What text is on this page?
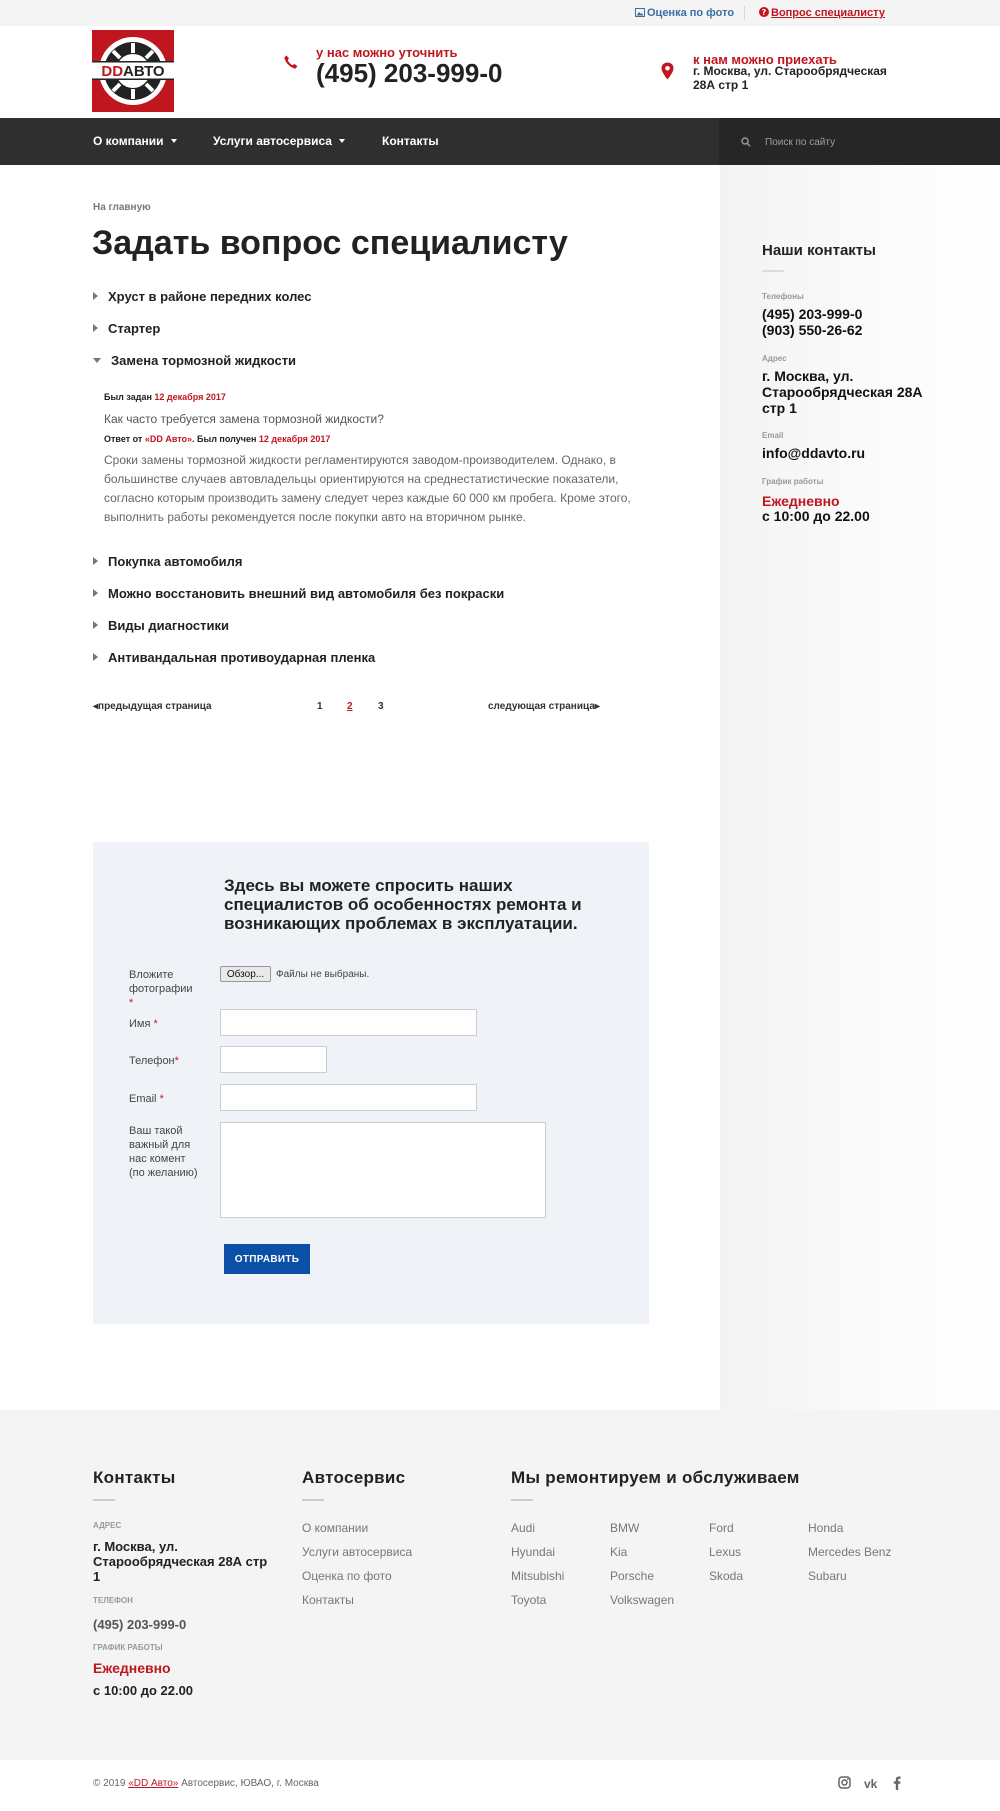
Оценка по фото	? Вопрос специалисту
DDАВТО
у нас можно уточнить
(495) 203-999-0	к нам можно приехать
г. Москва, ул. Старообрядческая
28А стр 1
О компании	Услуги автосервиса	Контакты
Поиск по сайту
Наши контакты
Телефоны
(495) 203-999-0
(903) 550-26-62
Адрес
г. Москва, ул. Старообрядческая 28А стр 1
Email
info@ddavto.ru
График работы
Ежедневно
с 10:00 до 22.00
На главную
Задать вопрос специалисту
Хруст в районе передних колес
Стартер
Замена тормозной жидкости
Был задан 12 декабря 2017
Как часто требуется замена тормозной жидкости?
Ответ от «DD Авто». Был получен 12 декабря 2017
Сроки замены тормозной жидкости регламентируются заводом-производителем. Однако, в большинстве случаев автовладельцы ориентируются на среднестатистические показатели, согласно которым производить замену следует через каждые 60 000 км пробега. Кроме этого, выполнить работы рекомендуется после покупки авто на вторичном рынке.
Покупка автомобиля
Можно восстановить внешний вид автомобиля без покраски
Виды диагностики
Антивандальная противоударная пленка
◂предыдущая страница	1 2	3	следующая страница▸
Здесь вы можете спросить наших специалистов об особенностях ремонта и возникающих проблемах в эксплуатации.
Вложите фотографии *
Обзор...	Файлы не выбраны.
Имя *
Телефон*
Email *
Ваш такой важный для нас комент (по желанию)
ОТПРАВИТЬ
Контакты
АДРЕС
г. Москва, ул. Старообрядческая 28А стр 1
ТЕЛЕФОН
(495) 203-999-0
ГРАФИК РАБОТЫ
Ежедневно
с 10:00 до 22.00
Автосервис
О компании
Услуги автосервиса
Оценка по фото
Контакты
Мы ремонтируем и обслуживаем
Audi	BMW	Ford	Honda
Hyundai	Kia	Lexus	Mercedes Benz
Mitsubishi	Porsche	Skoda	Subaru
Toyota	Volkswagen
© 2019 «DD Авто» Автосервис, ЮВАО, г. Москва	vk
